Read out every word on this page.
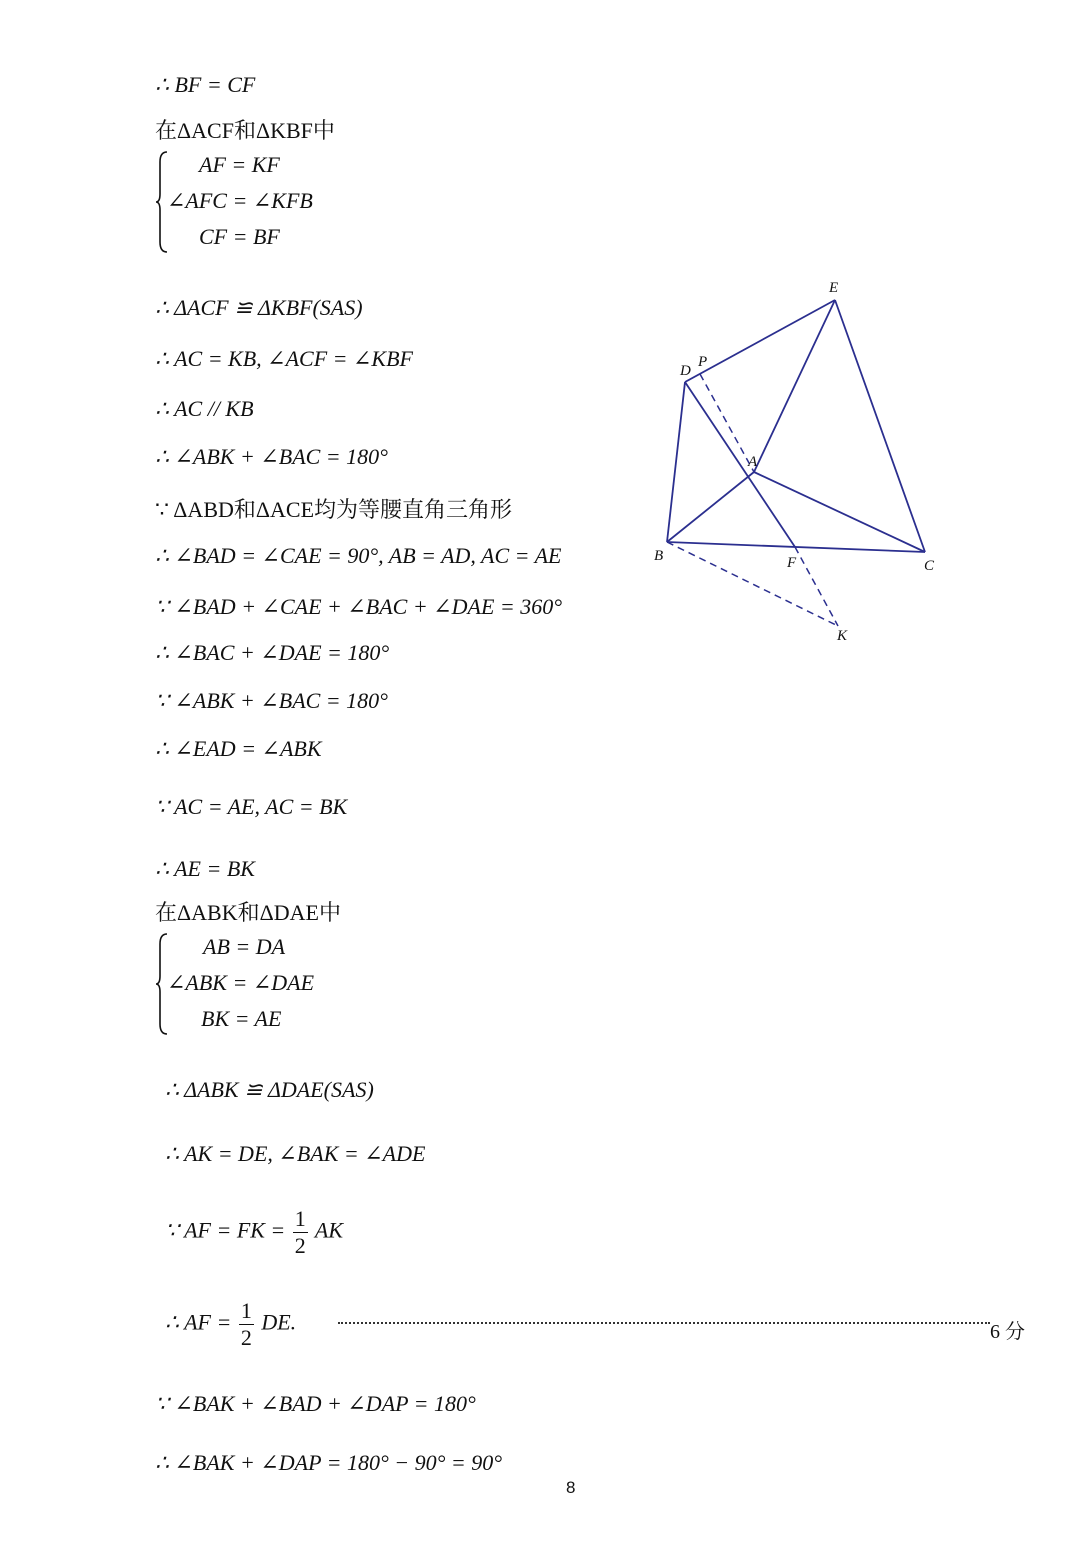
∴ BF = CF
在ΔACF和ΔKBF中
AF = KF
∠AFC = ∠KFB
CF = BF
∴ ΔACF ≌ ΔKBF(SAS)
∴ AC = KB, ∠ACF = ∠KBF
∴ AC // KB
∴ ∠ABK + ∠BAC = 180°
∵ ΔABD和ΔACE均为等腰直角三角形
∴ ∠BAD = ∠CAE = 90°, AB = AD, AC = AE
∵ ∠BAD + ∠CAE + ∠BAC + ∠DAE = 360°
∴ ∠BAC + ∠DAE = 180°
∵ ∠ABK + ∠BAC = 180°
∴ ∠EAD = ∠ABK
∵ AC = AE, AC = BK
∴ AE = BK
在ΔABK和ΔDAE中
AB = DA
∠ABK = ∠DAE
BK = AE
∴ ΔABK ≌ ΔDAE(SAS)
∴ AK = DE, ∠BAK = ∠ADE
∵ AF = FK = $\frac{1}{2}$ AK
∴ AF = $\frac{1}{2}$ DE.	6 分
∵ ∠BAK + ∠BAD + ∠DAP = 180°
∴ ∠BAK + ∠DAP = 180° − 90° = 90°
8
E
D
P
A
B	F	C
K
